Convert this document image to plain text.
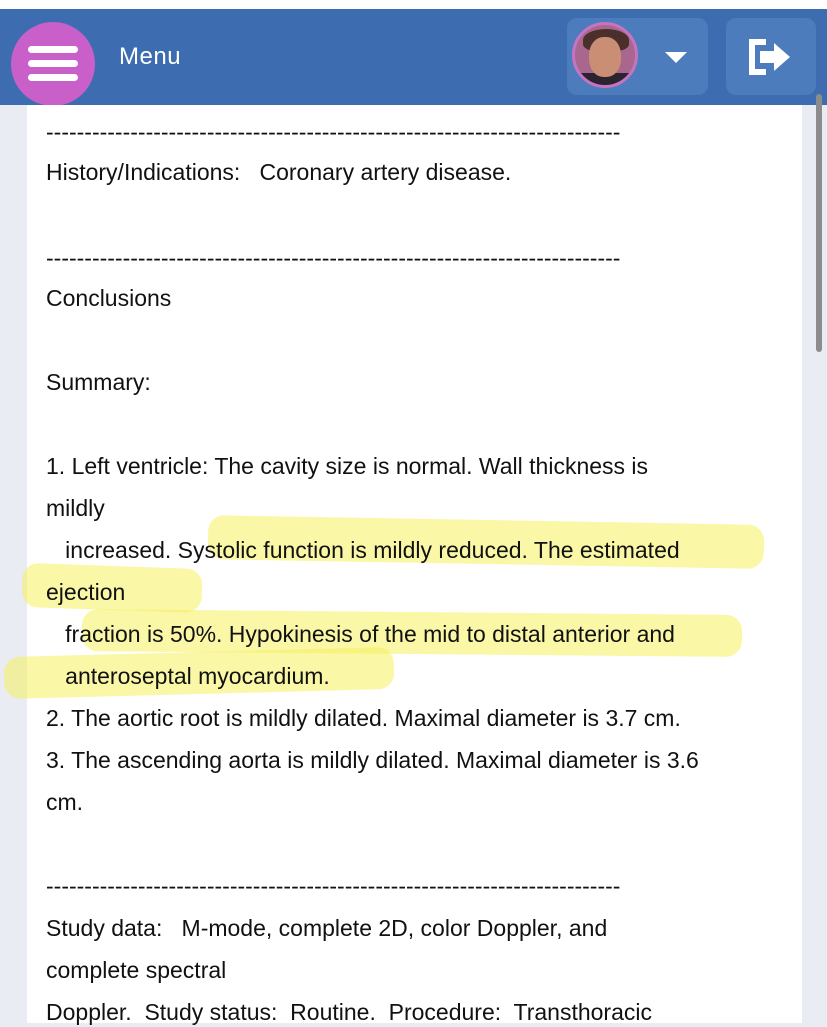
Menu
---------------------------------------------------------------------------
History/Indications:   Coronary artery disease.
---------------------------------------------------------------------------
Conclusions
Summary:
1. Left ventricle: The cavity size is normal. Wall thickness is
mildly
increased. Systolic function is mildly reduced. The estimated
ejection
fraction is 50%. Hypokinesis of the mid to distal anterior and
anteroseptal myocardium.
2. The aortic root is mildly dilated. Maximal diameter is 3.7 cm.
3. The ascending aorta is mildly dilated. Maximal diameter is 3.6
cm.
---------------------------------------------------------------------------
Study data:   M-mode, complete 2D, color Doppler, and
complete spectral
Doppler.  Study status:  Routine.  Procedure:  Transthoracic
